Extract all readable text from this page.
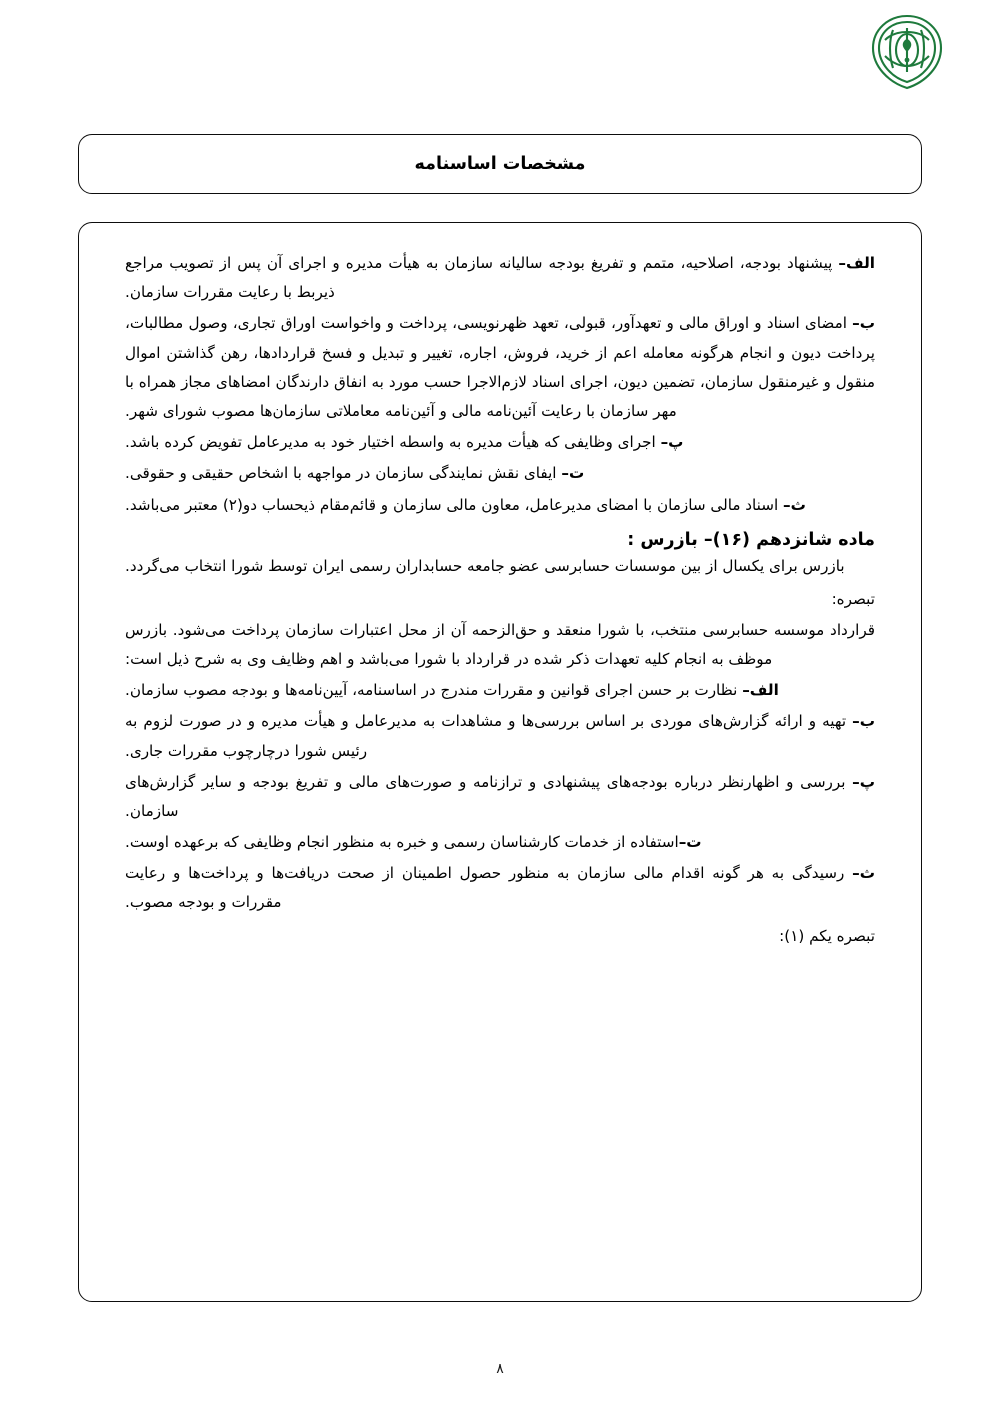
مشخصات اساسنامه

الف– پیشنهاد بودجه، اصلاحیه، متمم و تفریغ بودجه سالیانه سازمان به هیأت مدیره و اجرای آن پس از تصویب مراجع ذیربط با رعایت مقررات سازمان.

ب– امضای اسناد و اوراق مالی و تعهدآور، قبولی، تعهد ظهرنویسی، پرداخت و واخواست اوراق تجاری، وصول مطالبات، پرداخت دیون و انجام هرگونه معامله اعم از خرید، فروش، اجاره، تغییر و تبدیل و فسخ قراردادها، رهن گذاشتن اموال منقول و غیرمنقول سازمان، تضمین دیون، اجرای اسناد لازم‌الاجرا حسب مورد به انفاق دارندگان امضاهای مجاز همراه با مهر سازمان با رعایت آئین‌نامه مالی و آئین‌نامه معاملاتی سازمان‌ها مصوب شورای شهر.

پ– اجرای وظایفی که هیأت مدیره به واسطه اختیار خود به مدیرعامل تفویض کرده باشد.

ت– ایفای نقش نمایندگی سازمان در مواجهه با اشخاص حقیقی و حقوقی.

ث– اسناد مالی سازمان با امضای مدیرعامل، معاون مالی سازمان و قائم‌مقام ذیحساب دو(۲) معتبر می‌باشد.

ماده شانزدهم (۱۶)– بازرس :

بازرس برای یکسال از بین موسسات حسابرسی عضو جامعه حسابداران رسمی ایران توسط شورا انتخاب می‌گردد.

تبصره:

قرارداد موسسه حسابرسی منتخب، با شورا منعقد و حق‌الزحمه آن از محل اعتبارات سازمان پرداخت می‌شود. بازرس موظف به انجام کلیه تعهدات ذکر شده در قرارداد با شورا می‌باشد و اهم وظایف وی به شرح ذیل است:

الف– نظارت بر حسن اجرای قوانین و مقررات مندرج در اساسنامه، آیین‌نامه‌ها و بودجه مصوب سازمان.

ب– تهیه و ارائه گزارش‌های موردی بر اساس بررسی‌ها و مشاهدات به مدیرعامل و هیأت مدیره و در صورت لزوم به رئیس شورا درچارچوب مقررات جاری.

پ– بررسی و اظهارنظر درباره بودجه‌های پیشنهادی و ترازنامه و صورت‌های مالی و تفریغ بودجه و سایر گزارش‌های سازمان.

ت–استفاده از خدمات کارشناسان رسمی و خبره به منظور انجام وظایفی که برعهده اوست.

ث– رسیدگی به هر گونه اقدام مالی سازمان به منظور حصول اطمینان از صحت دریافت‌ها و پرداخت‌ها و رعایت مقررات و بودجه مصوب.

تبصره یکم (۱):
۸
